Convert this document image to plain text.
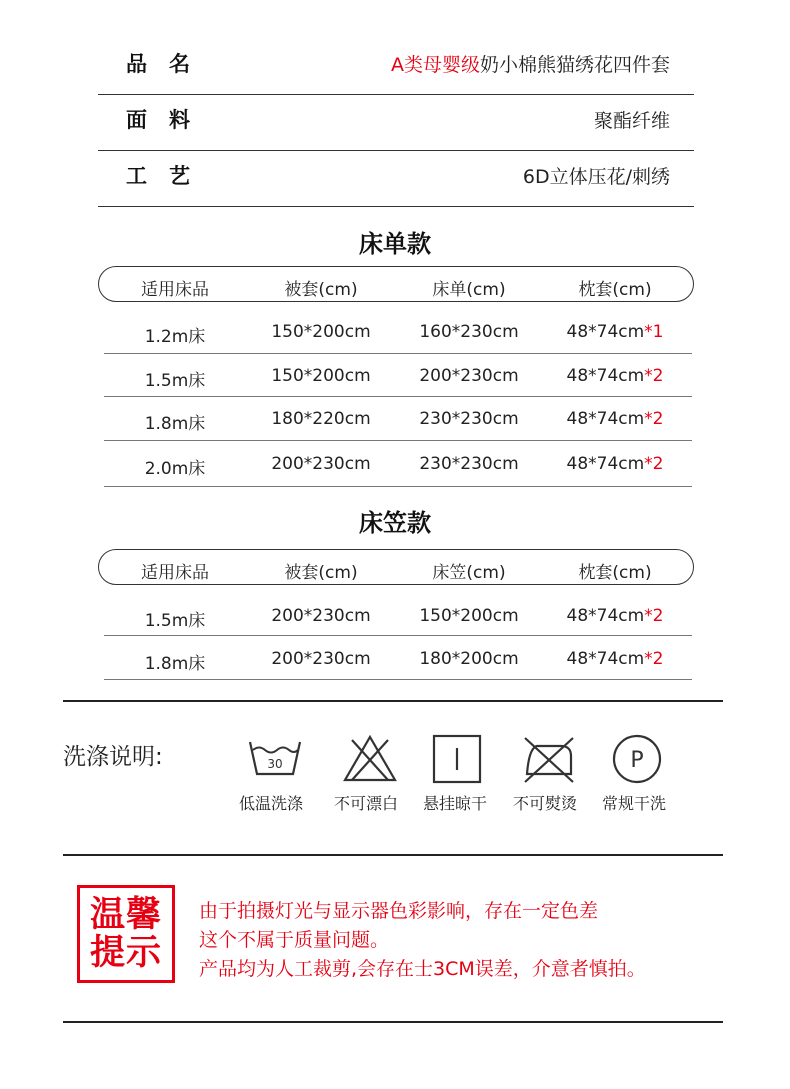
品名	A类母婴级奶小棉熊猫绣花四件套
面料	聚酯纤维
工艺	6D立体压花/刺绣
床单款
适用床品	被套(cm)	床单(cm)	枕套(cm)
1.2m床	150*200cm	160*230cm	48*74cm*1
1.5m床	150*200cm	200*230cm	48*74cm*2
1.8m床	180*220cm	230*230cm	48*74cm*2
2.0m床	200*230cm	230*230cm	48*74cm*2
床笠款
适用床品	被套(cm)	床笠(cm)	枕套(cm)
1.5m床	200*230cm	150*200cm	48*74cm*2
1.8m床	200*230cm	180*200cm	48*74cm*2
洗涤说明:	30	P
低温洗涤	不可漂白	悬挂晾干	不可熨烫	常规干洗
温馨
提示
由于拍摄灯光与显示器色彩影响，存在一定色差
这个不属于质量问题。
产品均为人工裁剪,会存在士3CM误差，介意者慎拍。
